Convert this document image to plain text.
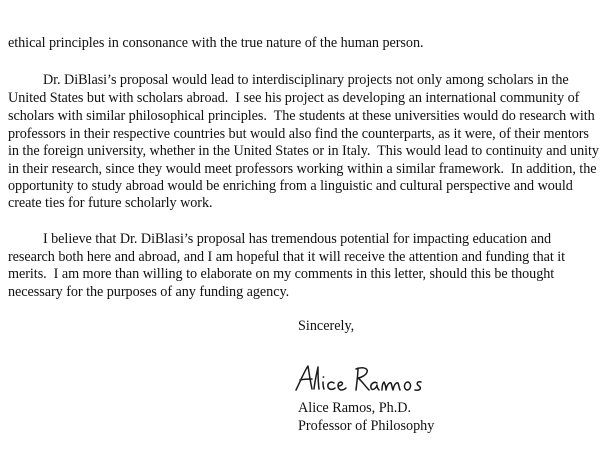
ethical principles in consonance with the true nature of the human person.
Dr. DiBlasi’s proposal would lead to interdisciplinary projects not only among scholars in the
United States but with scholars abroad.  I see his project as developing an international community of
scholars with similar philosophical principles.  The students at these universities would do research with
professors in their respective countries but would also find the counterparts, as it were, of their mentors
in the foreign university, whether in the United States or in Italy.  This would lead to continuity and unity
in their research, since they would meet professors working within a similar framework.  In addition, the
opportunity to study abroad would be enriching from a linguistic and cultural perspective and would
create ties for future scholarly work.
I believe that Dr. DiBlasi’s proposal has tremendous potential for impacting education and
research both here and abroad, and I am hopeful that it will receive the attention and funding that it
merits.  I am more than willing to elaborate on my comments in this letter, should this be thought
necessary for the purposes of any funding agency.
Sincerely,
Alice Ramos, Ph.D.
Professor of Philosophy
